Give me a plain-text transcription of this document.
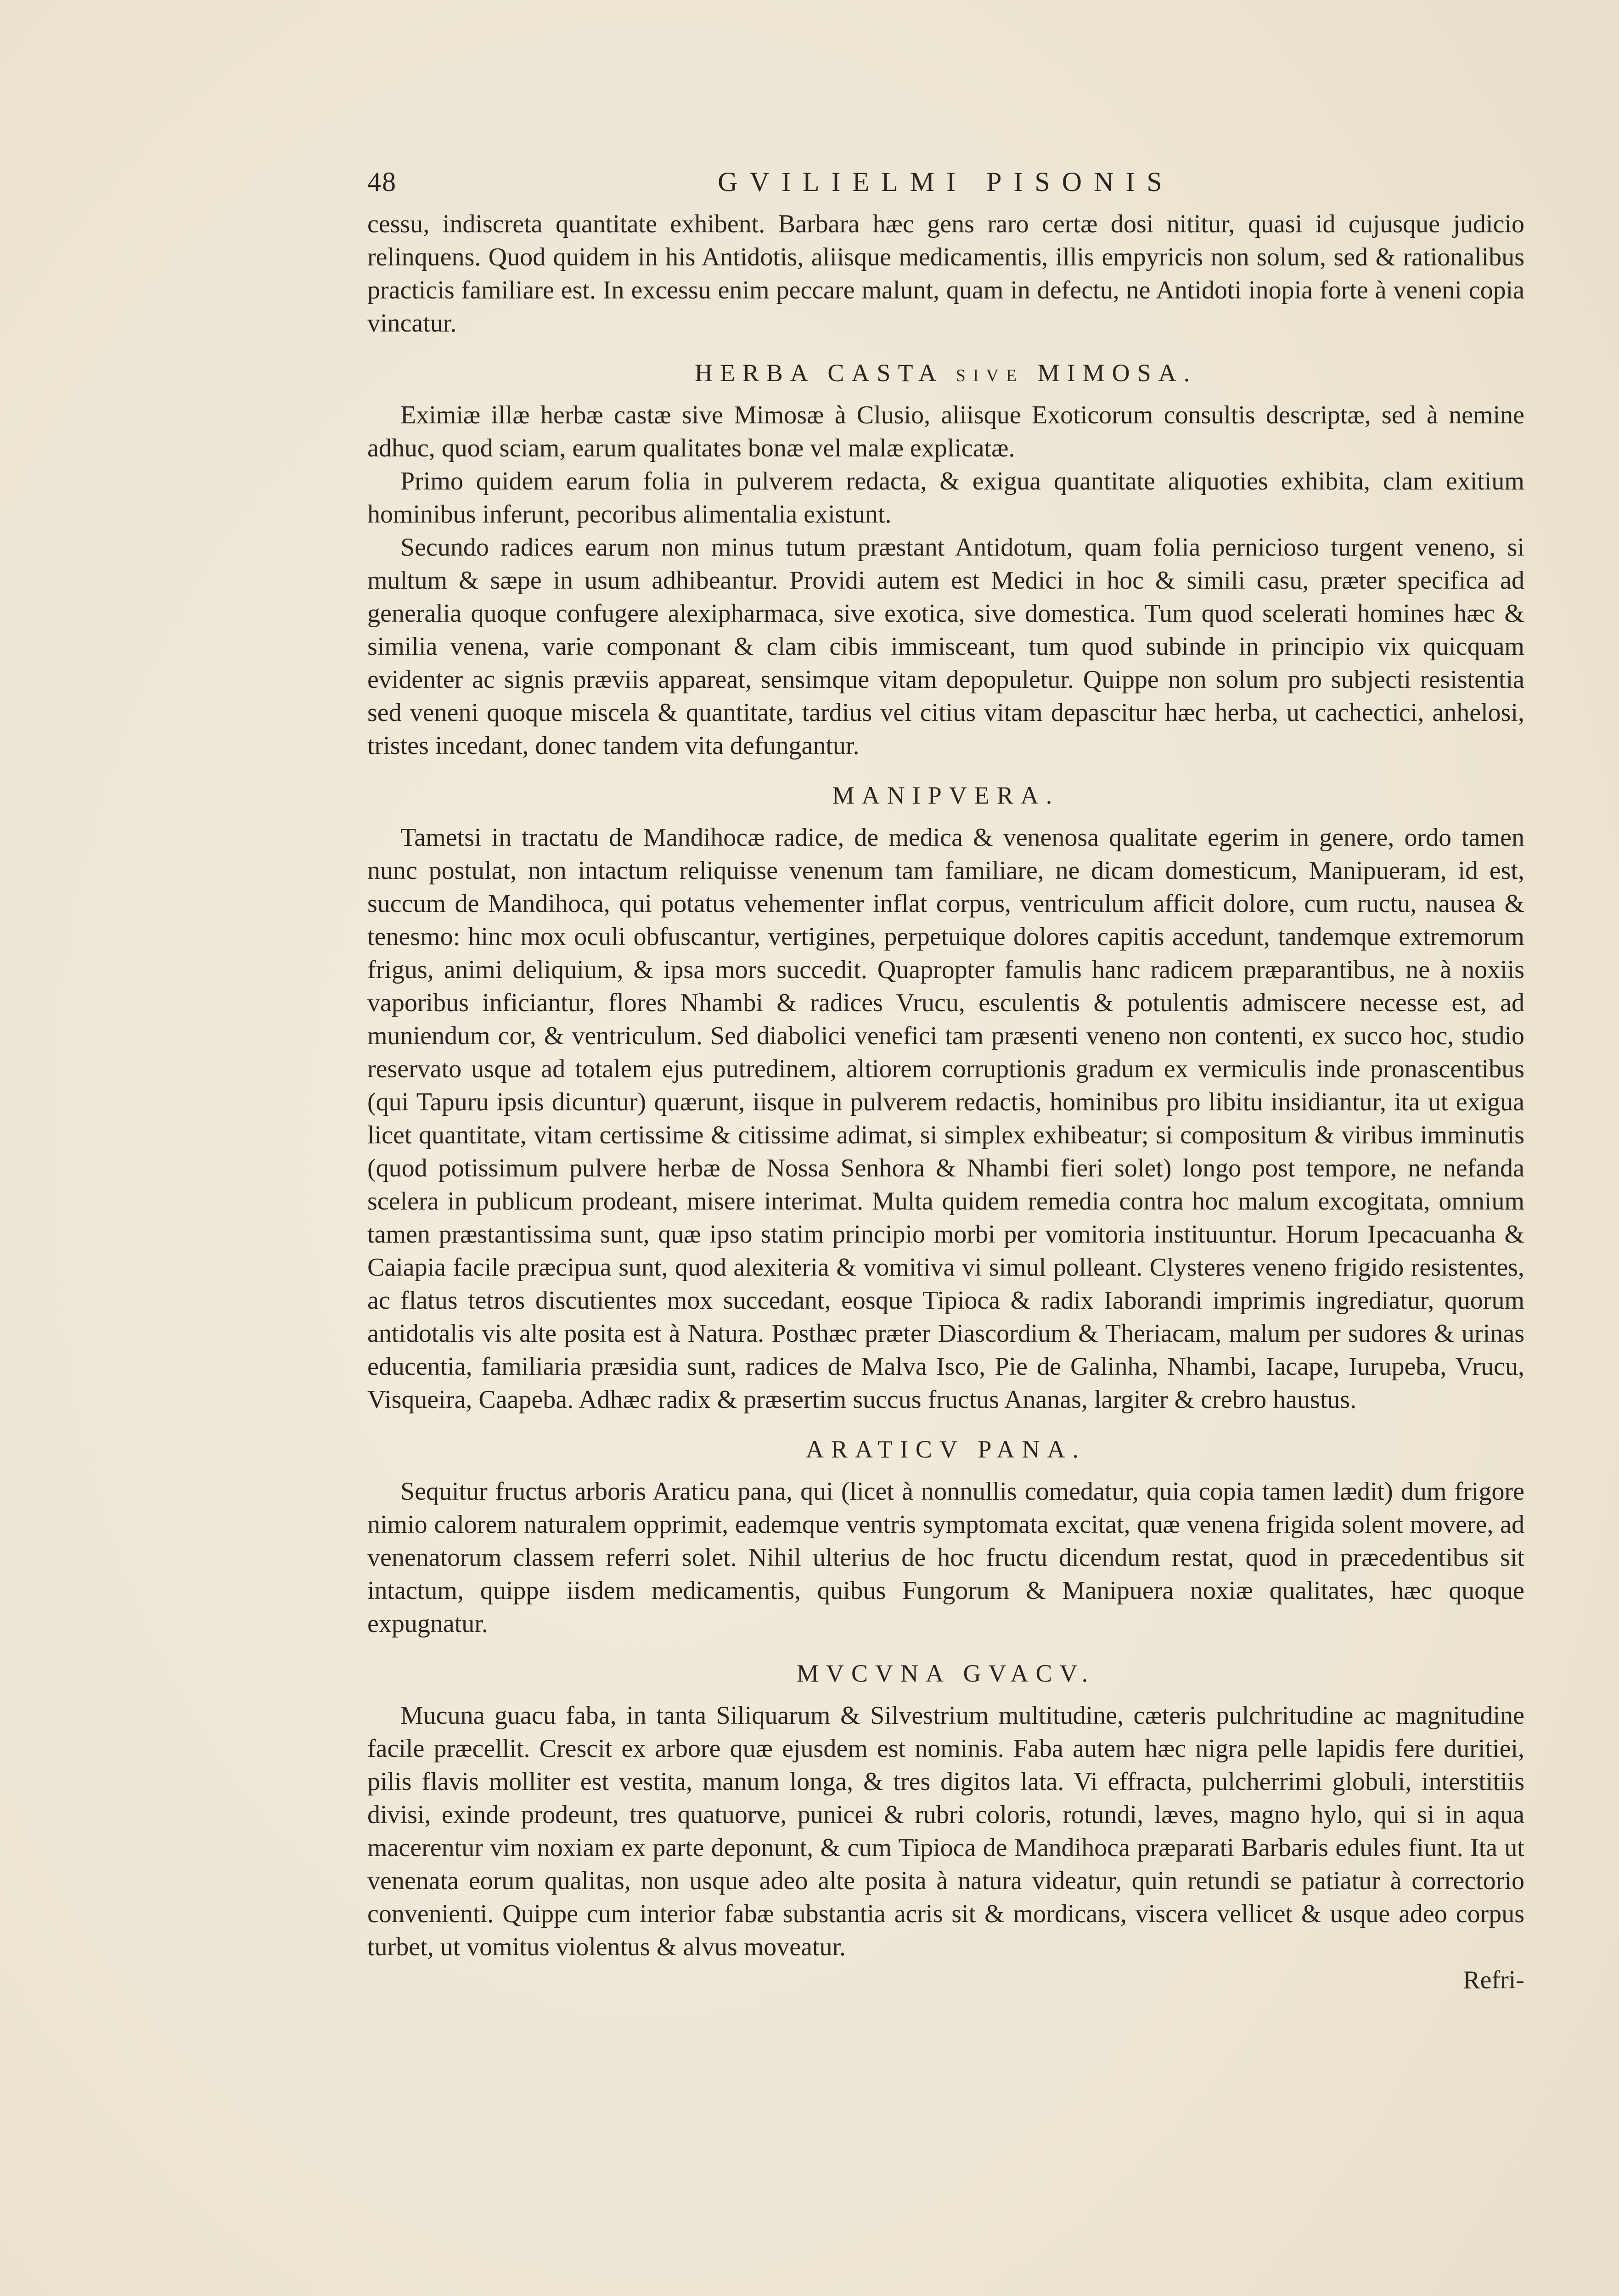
48	GVILIELMI PISONIS

cessu, indiscreta quantitate exhibent. Barbara hæc gens raro certæ dosi nititur, quasi id cujusque judicio relinquens. Quod quidem in his Antidotis, aliisque medicamentis, illis empyricis non solum, sed & rationalibus practicis familiare est. In excessu enim peccare malunt, quam in defectu, ne Antidoti inopia forte à veneni copia vincatur.

HERBA CASTA sive MIMOSA.

Eximiæ illæ herbæ castæ sive Mimosæ à Clusio, aliisque Exoticorum consultis descriptæ, sed à nemine adhuc, quod sciam, earum qualitates bonæ vel malæ explicatæ.

Primo quidem earum folia in pulverem redacta, & exigua quantitate aliquoties exhibita, clam exitium hominibus inferunt, pecoribus alimentalia existunt.

Secundo radices earum non minus tutum præstant Antidotum, quam folia pernicioso turgent veneno, si multum & sæpe in usum adhibeantur. Providi autem est Medici in hoc & simili casu, præter specifica ad generalia quoque confugere alexipharmaca, sive exotica, sive domestica. Tum quod scelerati homines hæc & similia venena, varie componant & clam cibis immisceant, tum quod subinde in principio vix quicquam evidenter ac signis præviis appareat, sensimque vitam depopuletur. Quippe non solum pro subjecti resistentia sed veneni quoque miscela & quantitate, tardius vel citius vitam depascitur hæc herba, ut cachectici, anhelosi, tristes incedant, donec tandem vita defungantur.

MANIPVERA.

Tametsi in tractatu de Mandihocæ radice, de medica & venenosa qualitate egerim in genere, ordo tamen nunc postulat, non intactum reliquisse venenum tam familiare, ne dicam domesticum, Manipueram, id est, succum de Mandihoca, qui potatus vehementer inflat corpus, ventriculum afficit dolore, cum ructu, nausea & tenesmo: hinc mox oculi obfuscantur, vertigines, perpetuique dolores capitis accedunt, tandemque extremorum frigus, animi deliquium, & ipsa mors succedit. Quapropter famulis hanc radicem præparantibus, ne à noxiis vaporibus inficiantur, flores Nhambi & radices Vrucu, esculentis & potulentis admiscere necesse est, ad muniendum cor, & ventriculum. Sed diabolici venefici tam præsenti veneno non contenti, ex succo hoc, studio reservato usque ad totalem ejus putredinem, altiorem corruptionis gradum ex vermiculis inde pronascentibus (qui Tapuru ipsis dicuntur) quærunt, iisque in pulverem redactis, hominibus pro libitu insidiantur, ita ut exigua licet quantitate, vitam certissime & citissime adimat, si simplex exhibeatur; si compositum & viribus imminutis (quod potissimum pulvere herbæ de Nossa Senhora & Nhambi fieri solet) longo post tempore, ne nefanda scelera in publicum prodeant, misere interimat. Multa quidem remedia contra hoc malum excogitata, omnium tamen præstantissima sunt, quæ ipso statim principio morbi per vomitoria instituuntur. Horum Ipecacuanha & Caiapia facile præcipua sunt, quod alexiteria & vomitiva vi simul polleant. Clysteres veneno frigido resistentes, ac flatus tetros discutientes mox succedant, eosque Tipioca & radix Iaborandi imprimis ingrediatur, quorum antidotalis vis alte posita est à Natura. Posthæc præter Diascordium & Theriacam, malum per sudores & urinas educentia, familiaria præsidia sunt, radices de Malva Isco, Pie de Galinha, Nhambi, Iacape, Iurupeba, Vrucu, Visqueira, Caapeba. Adhæc radix & præsertim succus fructus Ananas, largiter & crebro haustus.

ARATICV PANA.

Sequitur fructus arboris Araticu pana, qui (licet à nonnullis comedatur, quia copia tamen lædit) dum frigore nimio calorem naturalem opprimit, eademque ventris symptomata excitat, quæ venena frigida solent movere, ad venenatorum classem referri solet. Nihil ulterius de hoc fructu dicendum restat, quod in præcedentibus sit intactum, quippe iisdem medicamentis, quibus Fungorum & Manipuera noxiæ qualitates, hæc quoque expugnatur.

MVCVNA GVACV.

Mucuna guacu faba, in tanta Siliquarum & Silvestrium multitudine, cæteris pulchritudine ac magnitudine facile præcellit. Crescit ex arbore quæ ejusdem est nominis. Faba autem hæc nigra pelle lapidis fere duritiei, pilis flavis molliter est vestita, manum longa, & tres digitos lata. Vi effracta, pulcherrimi globuli, interstitiis divisi, exinde prodeunt, tres quatuorve, punicei & rubri coloris, rotundi, læves, magno hylo, qui si in aqua macerentur vim noxiam ex parte deponunt, & cum Tipioca de Mandihoca præparati Barbaris edules fiunt. Ita ut venenata eorum qualitas, non usque adeo alte posita à natura videatur, quin retundi se patiatur à correctorio convenienti. Quippe cum interior fabæ substantia acris sit & mordicans, viscera vellicet & usque adeo corpus turbet, ut vomitus violentus & alvus moveatur.

Refri-
